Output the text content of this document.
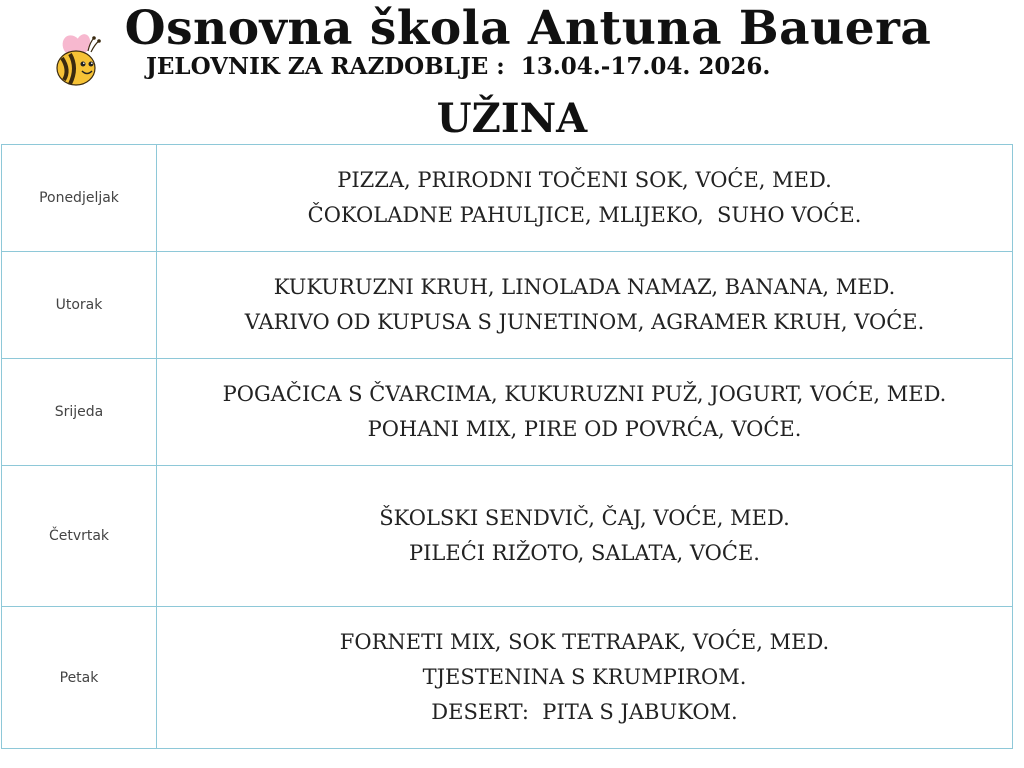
Osnovna škola Antuna Bauera
JELOVNIK ZA RAZDOBLJE :  13.04.-17.04. 2026.
UŽINA
Ponedjeljak	PIZZA, PRIRODNI TOČENI SOK, VOĆE, MED.
ČOKOLADNE PAHULJICE, MLIJEKO,  SUHO VOĆE.

Utorak	KUKURUZNI KRUH, LINOLADA NAMAZ, BANANA, MED.
VARIVO OD KUPUSA S JUNETINOM, AGRAMER KRUH, VOĆE.

Srijeda	POGAČICA S ČVARCIMA, KUKURUZNI PUŽ, JOGURT, VOĆE, MED.
POHANI MIX, PIRE OD POVRĆA, VOĆE.

Četvrtak	ŠKOLSKI SENDVIČ, ČAJ, VOĆE, MED.
PILEĆI RIŽOTO, SALATA, VOĆE.

Petak	FORNETI MIX, SOK TETRAPAK, VOĆE, MED.
TJESTENINA S KRUMPIROM.
DESERT:  PITA S JABUKOM.
